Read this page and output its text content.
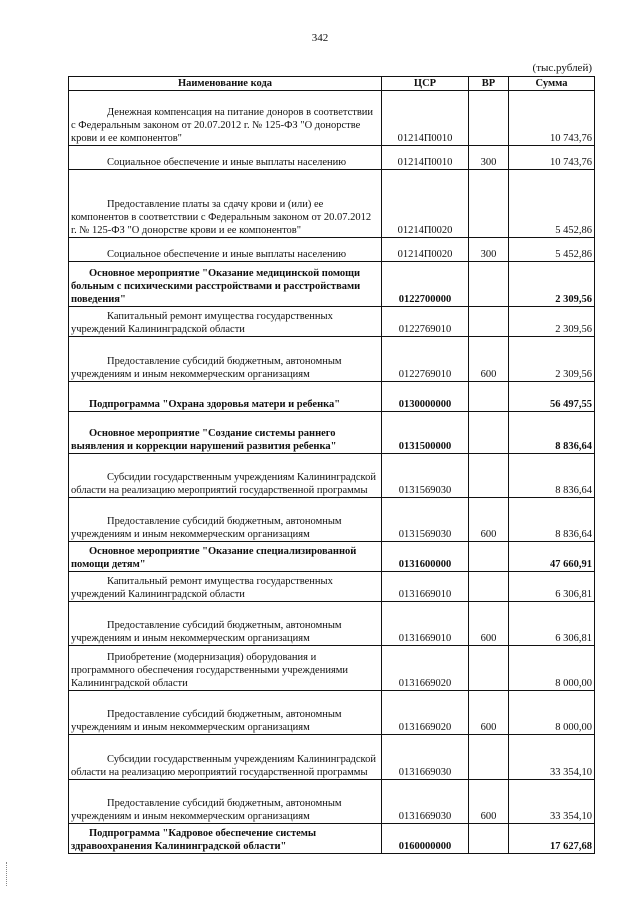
342
(тыс.рублей)
Наименование кода	ЦСР	ВР	Сумма
Денежная компенсация на питание доноров в соответствии с Федеральным законом от 20.07.2012 г. № 125-ФЗ "О донорстве крови и ее компонентов"	01214П0010		10 743,76
Социальное обеспечение и иные выплаты населению	01214П0010	300	10 743,76
Предоставление платы за сдачу крови и (или) ее компонентов в соответствии с Федеральным законом от 20.07.2012 г. № 125-ФЗ "О донорстве крови и ее компонентов"	01214П0020		5 452,86
Социальное обеспечение и иные выплаты населению	01214П0020	300	5 452,86
Основное мероприятие "Оказание медицинской помощи больным с психическими расстройствами и расстройствами поведения"	0122700000		2 309,56
Капитальный ремонт имущества государственных учреждений Калининградской области	0122769010		2 309,56
Предоставление субсидий бюджетным, автономным учреждениям и иным некоммерческим организациям	0122769010	600	2 309,56
Подпрограмма "Охрана здоровья матери и ребенка"	0130000000		56 497,55
Основное мероприятие "Создание системы раннего выявления и коррекции нарушений развития ребенка"	0131500000		8 836,64
Субсидии государственным учреждениям Калининградской области на реализацию мероприятий государственной программы	0131569030		8 836,64
Предоставление субсидий бюджетным, автономным учреждениям и иным некоммерческим организациям	0131569030	600	8 836,64
Основное мероприятие "Оказание специализированной помощи детям"	0131600000		47 660,91
Капитальный ремонт имущества государственных учреждений Калининградской области	0131669010		6 306,81
Предоставление субсидий бюджетным, автономным учреждениям и иным некоммерческим организациям	0131669010	600	6 306,81
Приобретение (модернизация) оборудования и программного обеспечения государственными учреждениями Калининградской области	0131669020		8 000,00
Предоставление субсидий бюджетным, автономным учреждениям и иным некоммерческим организациям	0131669020	600	8 000,00
Субсидии государственным учреждениям Калининградской области на реализацию мероприятий государственной программы	0131669030		33 354,10
Предоставление субсидий бюджетным, автономным учреждениям и иным некоммерческим организациям	0131669030	600	33 354,10
Подпрограмма "Кадровое обеспечение системы здравоохранения Калининградской области"	0160000000		17 627,68
